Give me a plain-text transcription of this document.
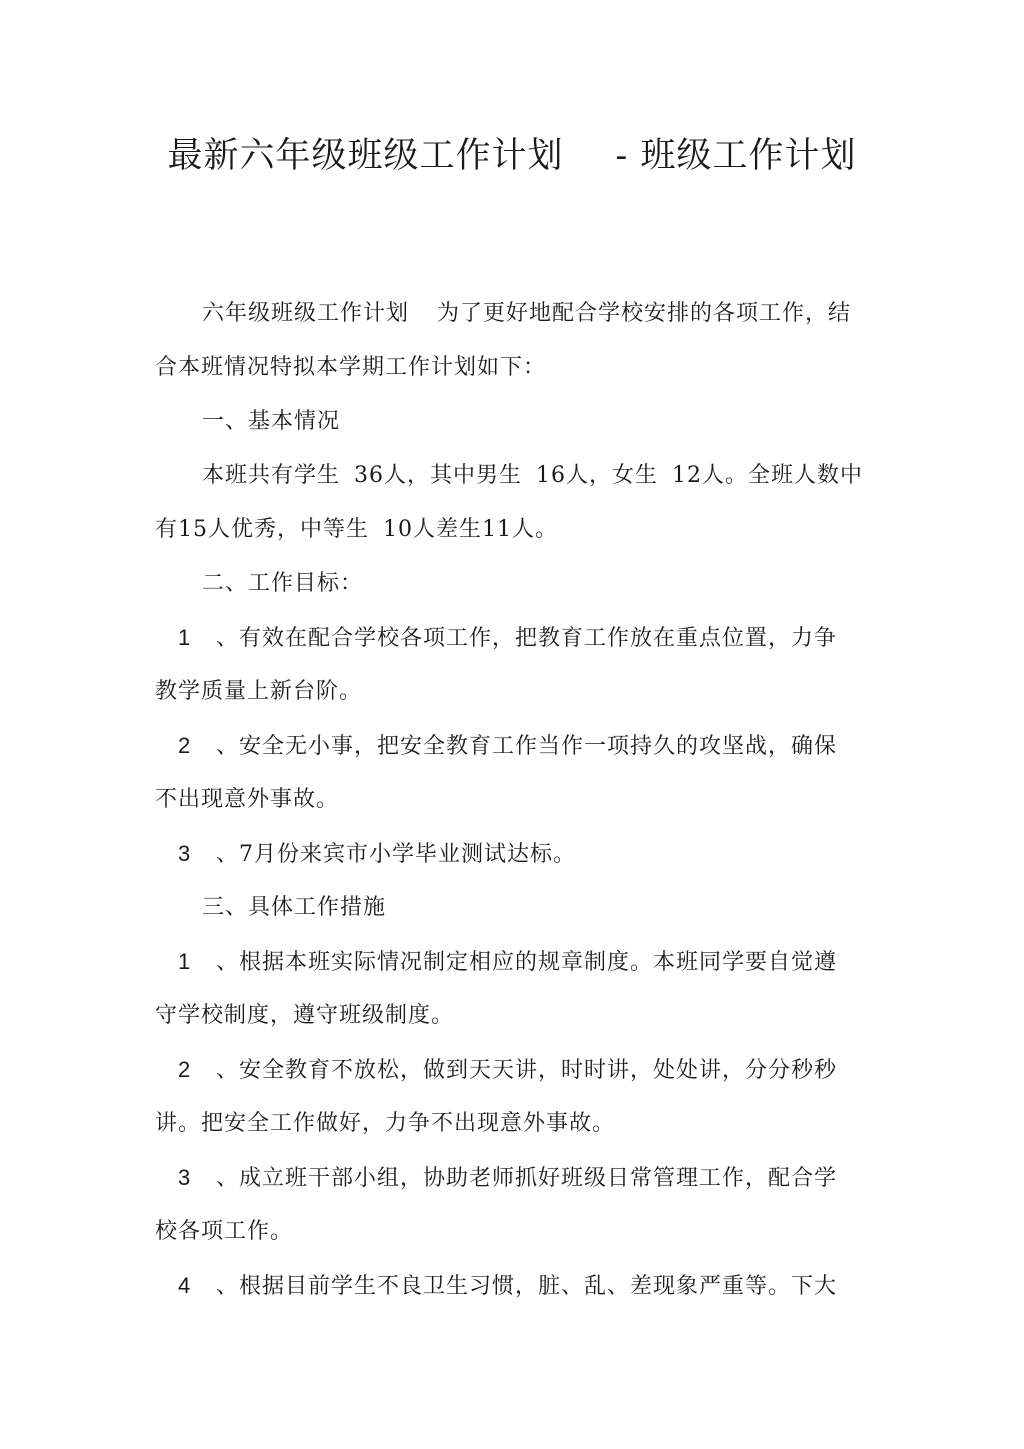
最新六年级班级工作计划 - 班级工作计划
六年级班级工作计划 为了更好地配合学校安排的各项工作，结
合本班情况特拟本学期工作计划如下：
一、基本情况
本班共有学生 36人，其中男生 16人，女生 12人。全班人数中
有15人优秀，中等生 10人差生11人。
二、工作目标：
1 、有效在配合学校各项工作，把教育工作放在重点位置，力争
教学质量上新台阶。
2 、安全无小事，把安全教育工作当作一项持久的攻坚战，确保
不出现意外事故。
3 、7月份来宾市小学毕业测试达标。
三、具体工作措施
1 、根据本班实际情况制定相应的规章制度。本班同学要自觉遵
守学校制度，遵守班级制度。
2 、安全教育不放松，做到天天讲，时时讲，处处讲，分分秒秒
讲。把安全工作做好，力争不出现意外事故。
3 、成立班干部小组，协助老师抓好班级日常管理工作，配合学
校各项工作。
4 、根据目前学生不良卫生习惯，脏、乱、差现象严重等。下大
